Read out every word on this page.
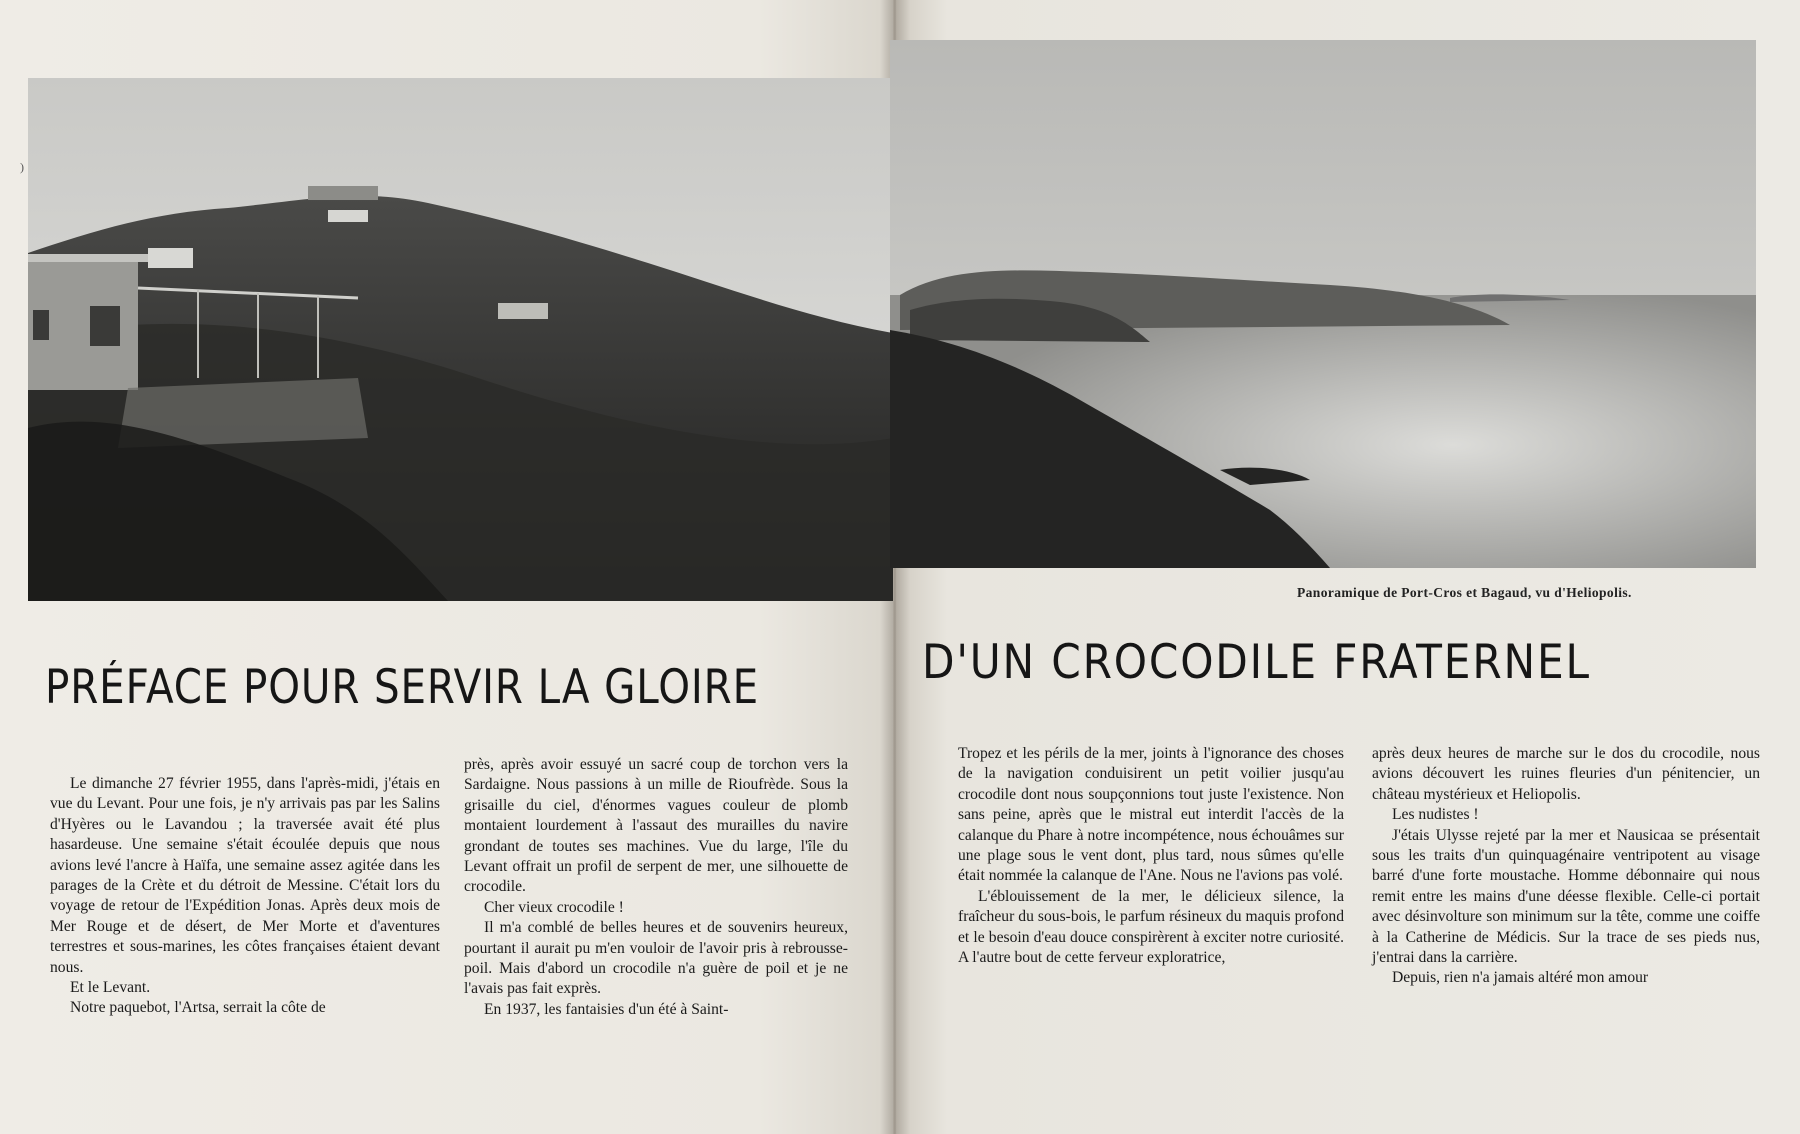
)
Panoramique de Port-Cros et Bagaud, vu d'Heliopolis.
PRÉFACE POUR SERVIR LA GLOIRE	D'UN CROCODILE FRATERNEL

Le dimanche 27 février 1955, dans l'après-midi, j'étais en vue du Levant. Pour une fois, je n'y arrivais pas par les Salins d'Hyères ou le Lavandou ; la traversée avait été plus hasardeuse. Une semaine s'était écoulée depuis que nous avions levé l'ancre à Haïfa, une semaine assez agitée dans les parages de la Crète et du détroit de Messine. C'était lors du voyage de retour de l'Expédition Jonas. Après deux mois de Mer Rouge et de désert, de Mer Morte et d'aventures terrestres et sous-marines, les côtes françaises étaient devant nous.

Et le Levant.

Notre paquebot, l'Artsa, serrait la côte de

près, après avoir essuyé un sacré coup de torchon vers la Sardaigne. Nous passions à un mille de Rioufrède. Sous la grisaille du ciel, d'énormes vagues couleur de plomb montaient lourdement à l'assaut des murailles du navire grondant de toutes ses machines. Vue du large, l'île du Levant offrait un profil de serpent de mer, une silhouette de crocodile.

Cher vieux crocodile !

Il m'a comblé de belles heures et de souvenirs heureux, pourtant il aurait pu m'en vouloir de l'avoir pris à rebrousse-poil. Mais d'abord un crocodile n'a guère de poil et je ne l'avais pas fait exprès.

En 1937, les fantaisies d'un été à Saint-

Tropez et les périls de la mer, joints à l'ignorance des choses de la navigation conduisirent un petit voilier jusqu'au crocodile dont nous soupçonnions tout juste l'existence. Non sans peine, après que le mistral eut interdit l'accès de la calanque du Phare à notre incompétence, nous échouâmes sur une plage sous le vent dont, plus tard, nous sûmes qu'elle était nommée la calanque de l'Ane. Nous ne l'avions pas volé.

L'éblouissement de la mer, le délicieux silence, la fraîcheur du sous-bois, le parfum résineux du maquis profond et le besoin d'eau douce conspirèrent à exciter notre curiosité. A l'autre bout de cette ferveur exploratrice,

après deux heures de marche sur le dos du crocodile, nous avions découvert les ruines fleuries d'un pénitencier, un château mystérieux et Heliopolis.

Les nudistes !

J'étais Ulysse rejeté par la mer et Nausicaa se présentait sous les traits d'un quinquagénaire ventripotent au visage barré d'une forte moustache. Homme débonnaire qui nous remit entre les mains d'une déesse flexible. Celle-ci portait avec désinvolture son minimum sur la tête, comme une coiffe à la Catherine de Médicis. Sur la trace de ses pieds nus, j'entrai dans la carrière.

Depuis, rien n'a jamais altéré mon amour
